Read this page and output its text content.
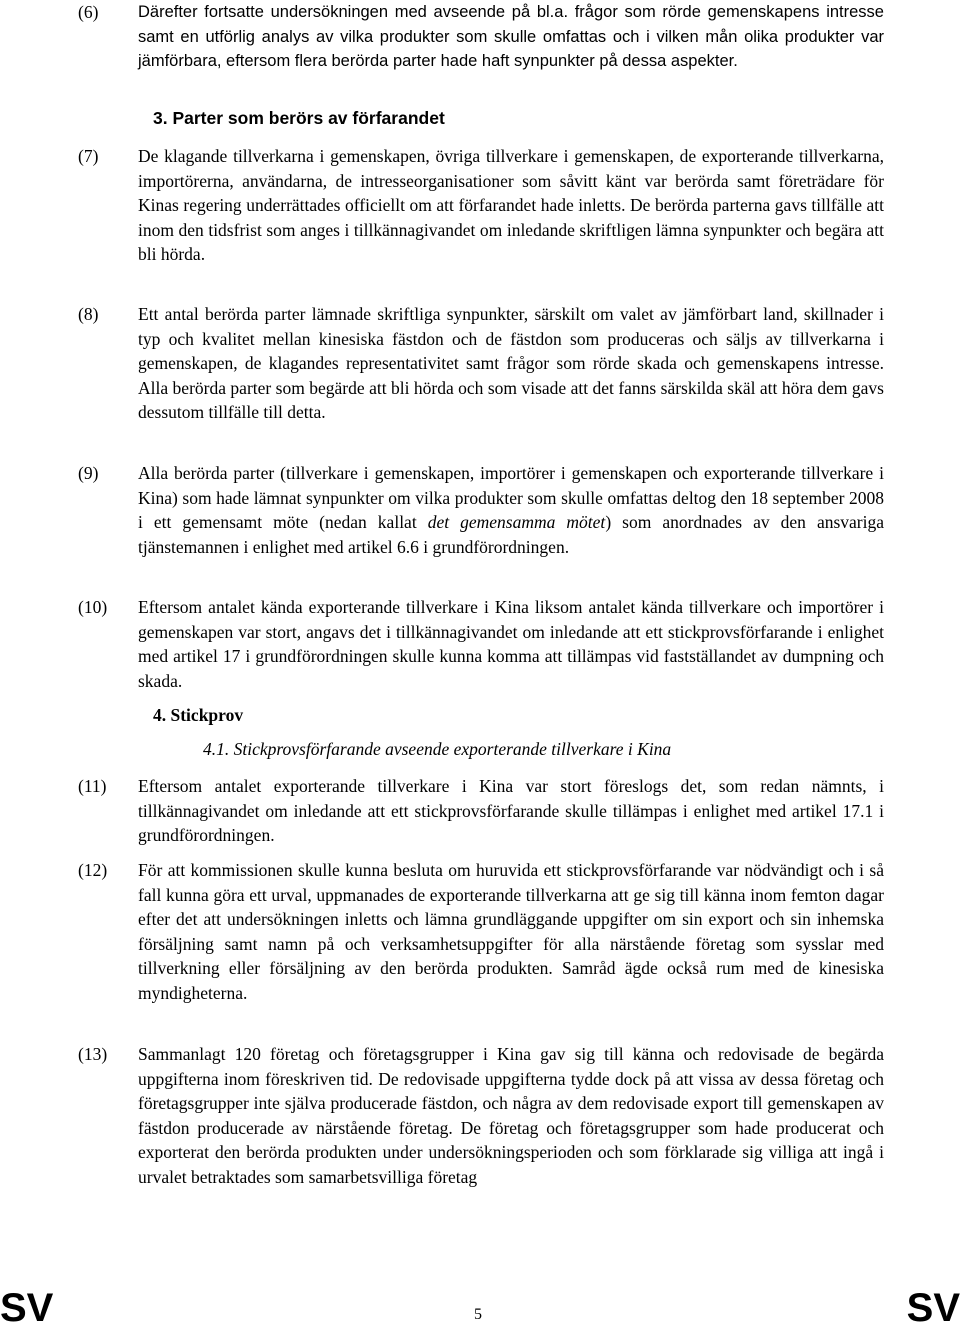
(6) Därefter fortsatte undersökningen med avseende på bl.a. frågor som rörde gemenskapens intresse samt en utförlig analys av vilka produkter som skulle omfattas och i vilken mån olika produkter var jämförbara, eftersom flera berörda parter hade haft synpunkter på dessa aspekter.
3. Parter som berörs av förfarandet
(7) De klagande tillverkarna i gemenskapen, övriga tillverkare i gemenskapen, de exporterande tillverkarna, importörerna, användarna, de intresseorganisationer som såvitt känt var berörda samt företrädare för Kinas regering underrättades officiellt om att förfarandet hade inletts. De berörda parterna gavs tillfälle att inom den tidsfrist som anges i tillkännagivandet om inledande skriftligen lämna synpunkter och begära att bli hörda.
(8) Ett antal berörda parter lämnade skriftliga synpunkter, särskilt om valet av jämförbart land, skillnader i typ och kvalitet mellan kinesiska fästdon och de fästdon som produceras och säljs av tillverkarna i gemenskapen, de klagandes representativitet samt frågor som rörde skada och gemenskapens intresse. Alla berörda parter som begärde att bli hörda och som visade att det fanns särskilda skäl att höra dem gavs dessutom tillfälle till detta.
(9) Alla berörda parter (tillverkare i gemenskapen, importörer i gemenskapen och exporterande tillverkare i Kina) som hade lämnat synpunkter om vilka produkter som skulle omfattas deltog den 18 september 2008 i ett gemensamt möte (nedan kallat det gemensamma mötet) som anordnades av den ansvariga tjänstemannen i enlighet med artikel 6.6 i grundförordningen.
(10) Eftersom antalet kända exporterande tillverkare i Kina liksom antalet kända tillverkare och importörer i gemenskapen var stort, angavs det i tillkännagivandet om inledande att ett stickprovsförfarande i enlighet med artikel 17 i grundförordningen skulle kunna komma att tillämpas vid fastställandet av dumpning och skada.
4. Stickprov
4.1. Stickprovsförfarande avseende exporterande tillverkare i Kina
(11) Eftersom antalet exporterande tillverkare i Kina var stort föreslogs det, som redan nämnts, i tillkännagivandet om inledande att ett stickprovsförfarande skulle tillämpas i enlighet med artikel 17.1 i grundförordningen.
(12) För att kommissionen skulle kunna besluta om huruvida ett stickprovsförfarande var nödvändigt och i så fall kunna göra ett urval, uppmanades de exporterande tillverkarna att ge sig till känna inom femton dagar efter det att undersökningen inletts och lämna grundläggande uppgifter om sin export och sin inhemska försäljning samt namn på och verksamhetsuppgifter för alla närstående företag som sysslar med tillverkning eller försäljning av den berörda produkten. Samråd ägde också rum med de kinesiska myndigheterna.
(13) Sammanlagt 120 företag och företagsgrupper i Kina gav sig till känna och redovisade de begärda uppgifterna inom föreskriven tid. De redovisade uppgifterna tydde dock på att vissa av dessa företag och företagsgrupper inte själva producerade fästdon, och några av dem redovisade export till gemenskapen av fästdon producerade av närstående företag. De företag och företagsgrupper som hade producerat och exporterat den berörda produkten under undersökningsperioden och som förklarade sig villiga att ingå i urvalet betraktades som samarbetsvilliga företag
SV	5	SV
